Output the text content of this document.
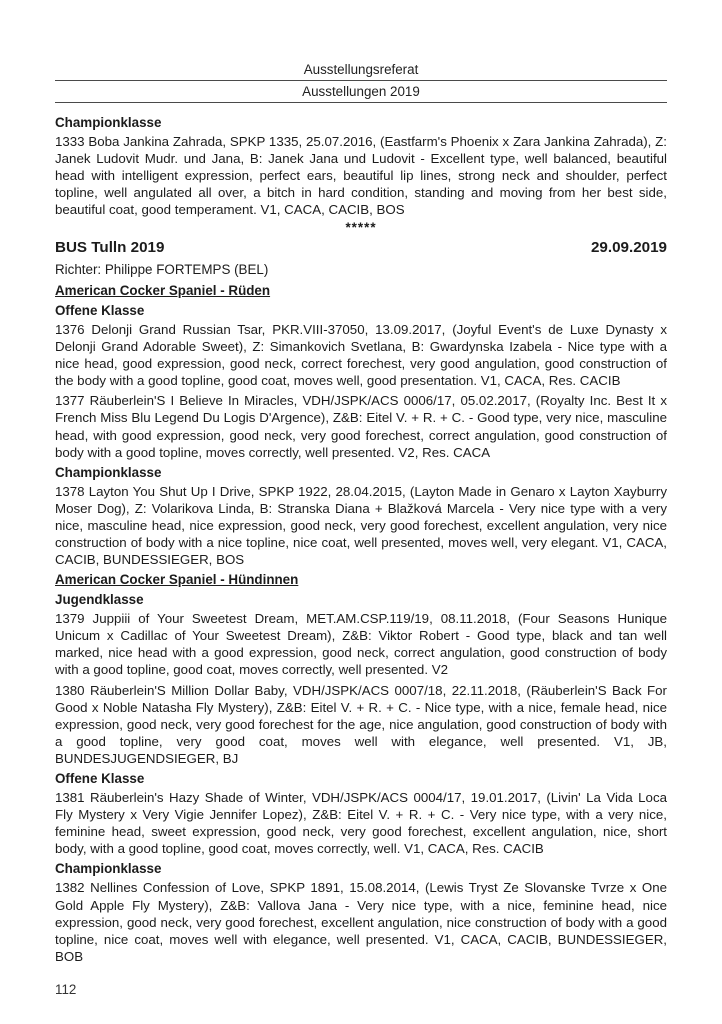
Ausstellungsreferat
Ausstellungen 2019
Championklasse
1333 Boba Jankina Zahrada, SPKP 1335, 25.07.2016, (Eastfarm's Phoenix x Zara Jankina Zahrada), Z: Janek Ludovit Mudr. und Jana, B: Janek Jana und Ludovit - Excellent type, well balanced, beautiful head with intelligent expression, perfect ears, beautiful lip lines, strong neck and shoulder, perfect topline, well angulated all over, a bitch in hard condition, standing and moving from her best side, beautiful coat, good temperament. V1, CACA, CACIB, BOS
*****
BUS Tulln 2019	29.09.2019
Richter: Philippe FORTEMPS (BEL)
American Cocker Spaniel - Rüden
Offene Klasse
1376 Delonji Grand Russian Tsar, PKR.VIII-37050, 13.09.2017, (Joyful Event's de Luxe Dynasty x Delonji Grand Adorable Sweet), Z: Simankovich Svetlana, B: Gwardynska Izabela - Nice type with a nice head, good expression, good neck, correct forechest, very good angulation, good construction of the body with a good topline, good coat, moves well, good presentation. V1, CACA, Res. CACIB
1377 Räuberlein'S I Believe In Miracles, VDH/JSPK/ACS 0006/17, 05.02.2017, (Royalty Inc. Best It x French Miss Blu Legend Du Logis D'Argence), Z&B: Eitel V. + R. + C. - Good type, very nice, masculine head, with good expression, good neck, very good forechest, correct angulation, good construction of body with a good topline, moves correctly, well presented. V2, Res. CACA
Championklasse
1378 Layton You Shut Up I Drive, SPKP 1922, 28.04.2015, (Layton Made in Genaro x Layton Xayburry Moser Dog), Z: Volarikova Linda, B: Stranska Diana + Blažková Marcela - Very nice type with a very nice, masculine head, nice expression, good neck, very good forechest, excellent angulation, very nice construction of body with a nice topline, nice coat, well presented, moves well, very elegant. V1, CACA, CACIB, BUNDESSIEGER, BOS
American Cocker Spaniel - Hündinnen
Jugendklasse
1379 Juppiii of Your Sweetest Dream, MET.AM.CSP.119/19, 08.11.2018, (Four Seasons Hunique Unicum x Cadillac of Your Sweetest Dream), Z&B: Viktor Robert - Good type, black and tan well marked, nice head with a good expression, good neck, correct angulation, good construction of body with a good topline, good coat, moves correctly, well presented. V2
1380 Räuberlein'S Million Dollar Baby, VDH/JSPK/ACS 0007/18, 22.11.2018, (Räuberlein'S Back For Good x Noble Natasha Fly Mystery), Z&B: Eitel V. + R. + C. - Nice type, with a nice, female head, nice expression, good neck, very good forechest for the age, nice angulation, good construction of body with a good topline, very good coat, moves well with elegance, well presented. V1, JB, BUNDESJUGENDSIEGER, BJ
Offene Klasse
1381 Räuberlein's Hazy Shade of Winter, VDH/JSPK/ACS 0004/17, 19.01.2017, (Livin' La Vida Loca Fly Mystery x Very Vigie Jennifer Lopez), Z&B: Eitel V. + R. + C. - Very nice type, with a very nice, feminine head, sweet expression, good neck, very good forechest, excellent angulation, nice, short body, with a good topline, good coat, moves correctly, well. V1, CACA, Res. CACIB
Championklasse
1382 Nellines Confession of Love, SPKP 1891, 15.08.2014, (Lewis Tryst Ze Slovanske Tvrze x One Gold Apple Fly Mystery), Z&B: Vallova Jana - Very nice type, with a nice, feminine head, nice expression, good neck, very good forechest, excellent angulation, nice construction of body with a good topline, nice coat, moves well with elegance, well presented. V1, CACA, CACIB, BUNDESSIEGER, BOB
112
